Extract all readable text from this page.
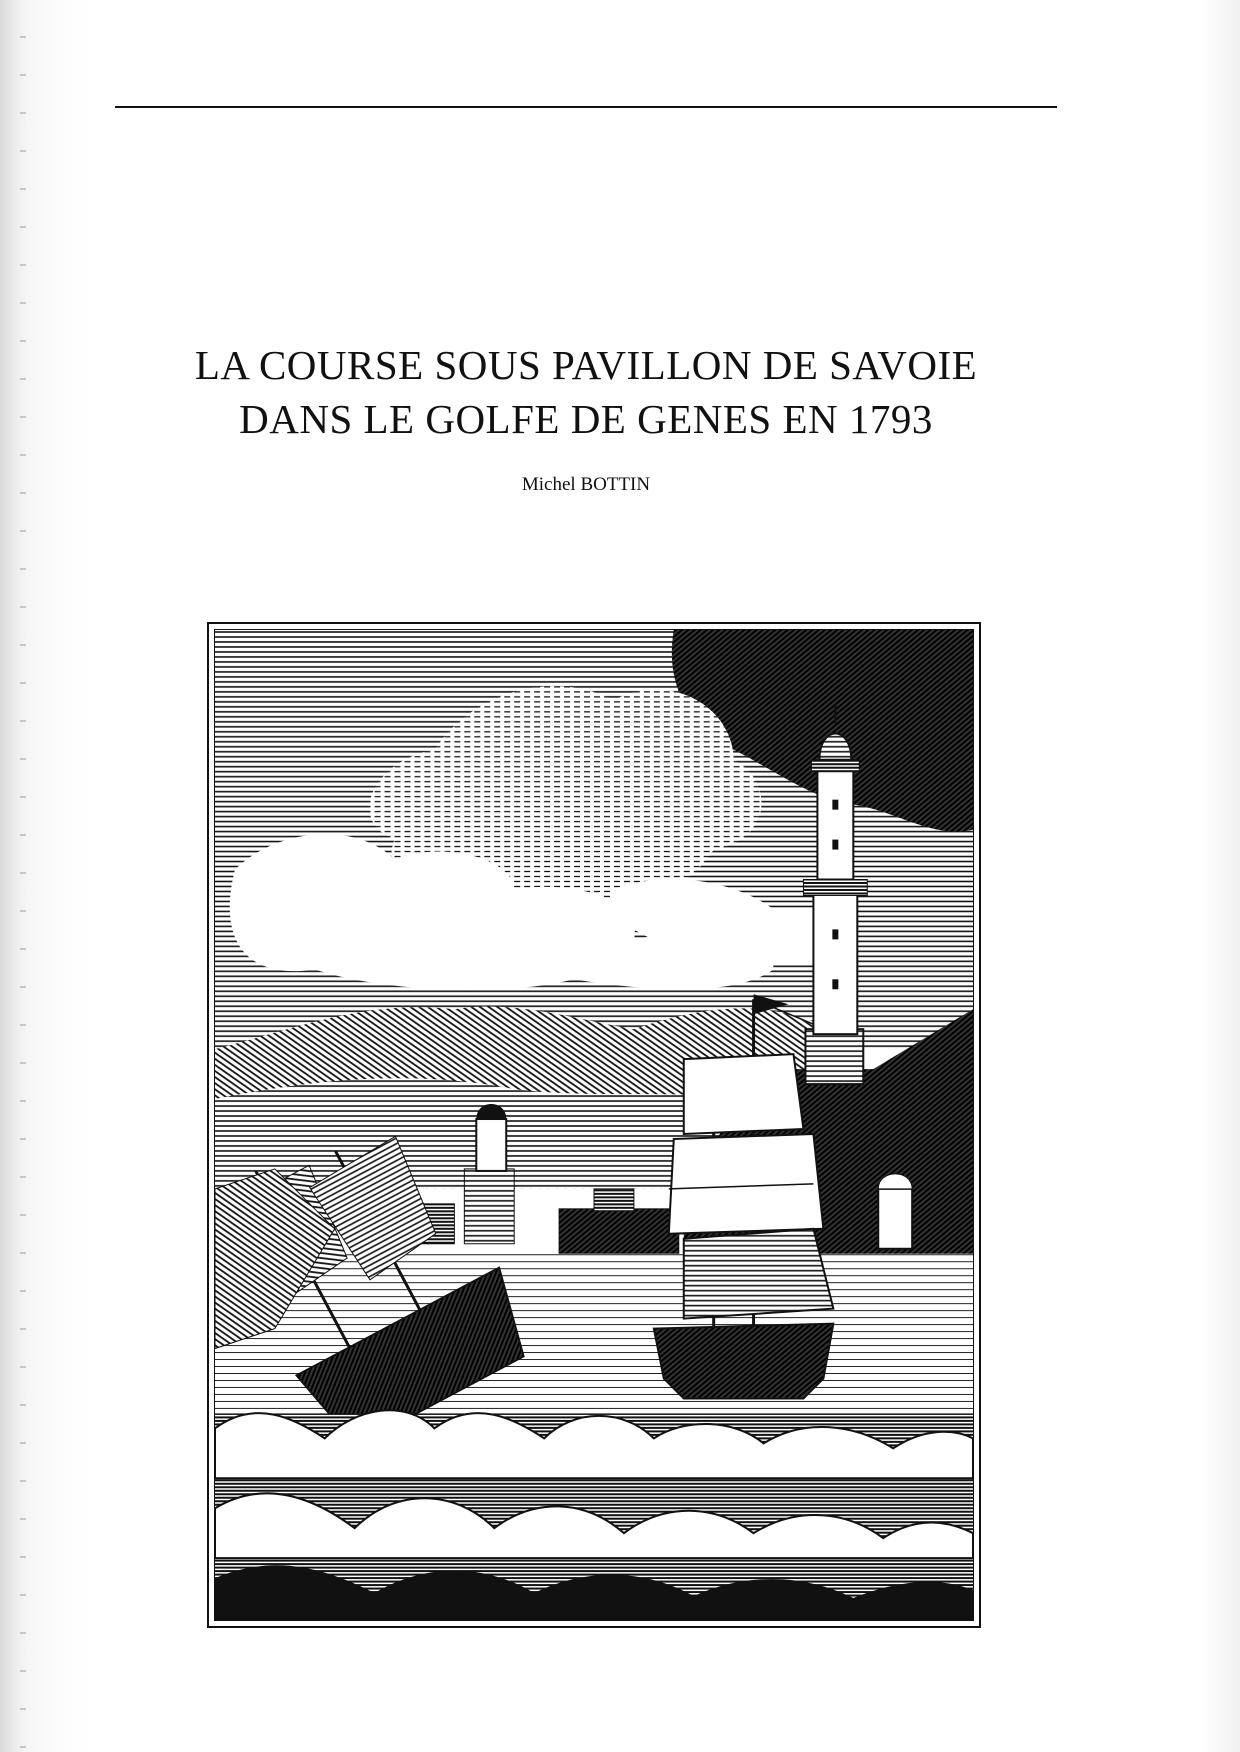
LA COURSE SOUS PAVILLON DE SAVOIE
DANS LE GOLFE DE GENES EN 1793

Michel BOTTIN
